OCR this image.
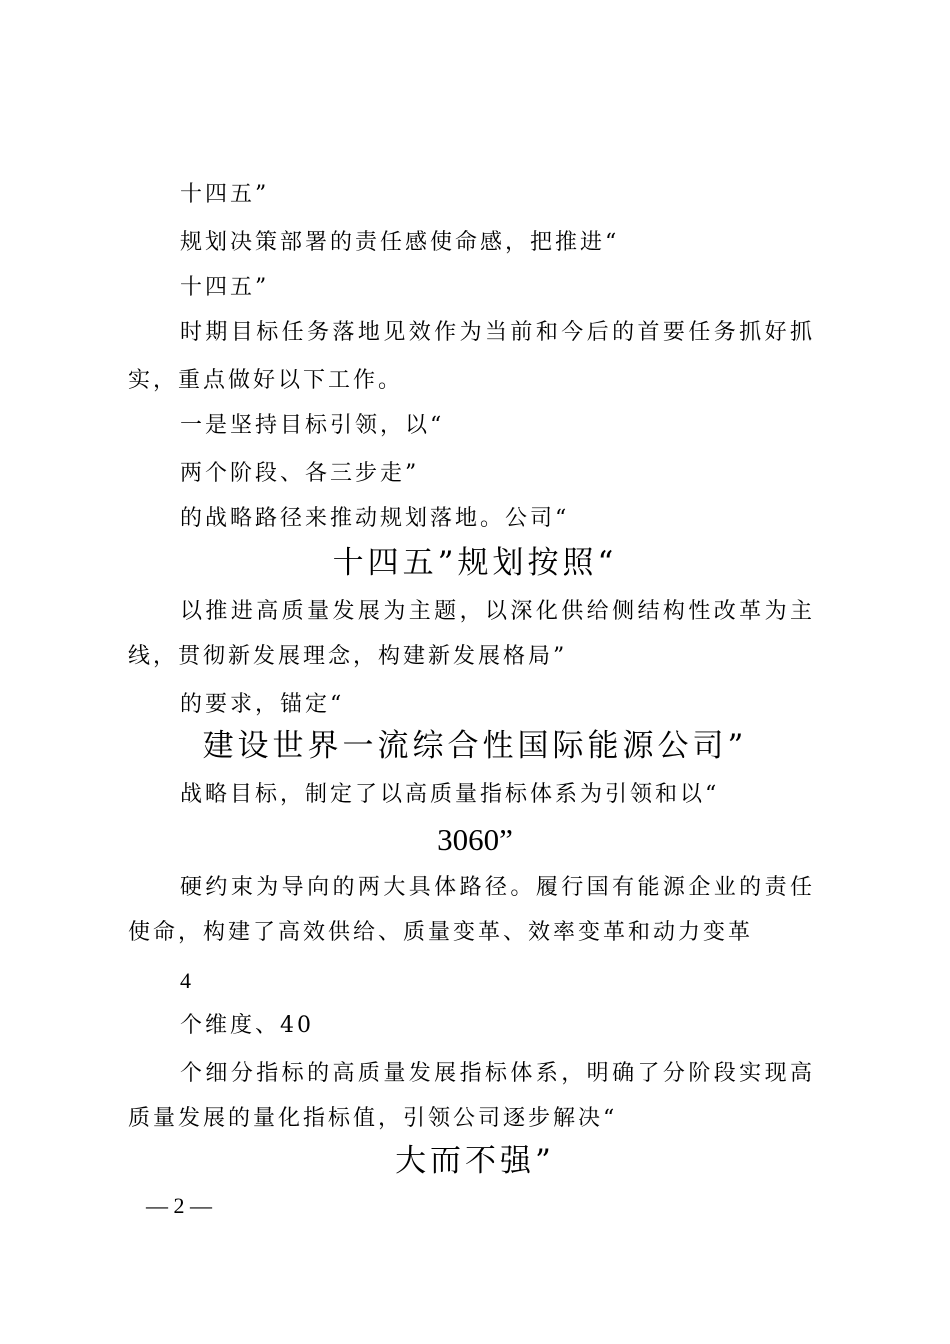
十四五”
规划决策部署的责任感使命感，把推进“
十四五”
时期目标任务落地见效作为当前和今后的首要任务抓好抓
实，重点做好以下工作。
一是坚持目标引领，以“
两个阶段、各三步走”
的战略路径来推动规划落地。公司“
十四五”规划按照“
以推进高质量发展为主题，以深化供给侧结构性改革为主
线，贯彻新发展理念，构建新发展格局”
的要求，锚定“
建设世界一流综合性国际能源公司”
战略目标，制定了以高质量指标体系为引领和以“
3060”
硬约束为导向的两大具体路径。履行国有能源企业的责任
使命，构建了高效供给、质量变革、效率变革和动力变革
4
个维度、40
个细分指标的高质量发展指标体系，明确了分阶段实现高
质量发展的量化指标值，引领公司逐步解决“
大而不强”
— 2 —
